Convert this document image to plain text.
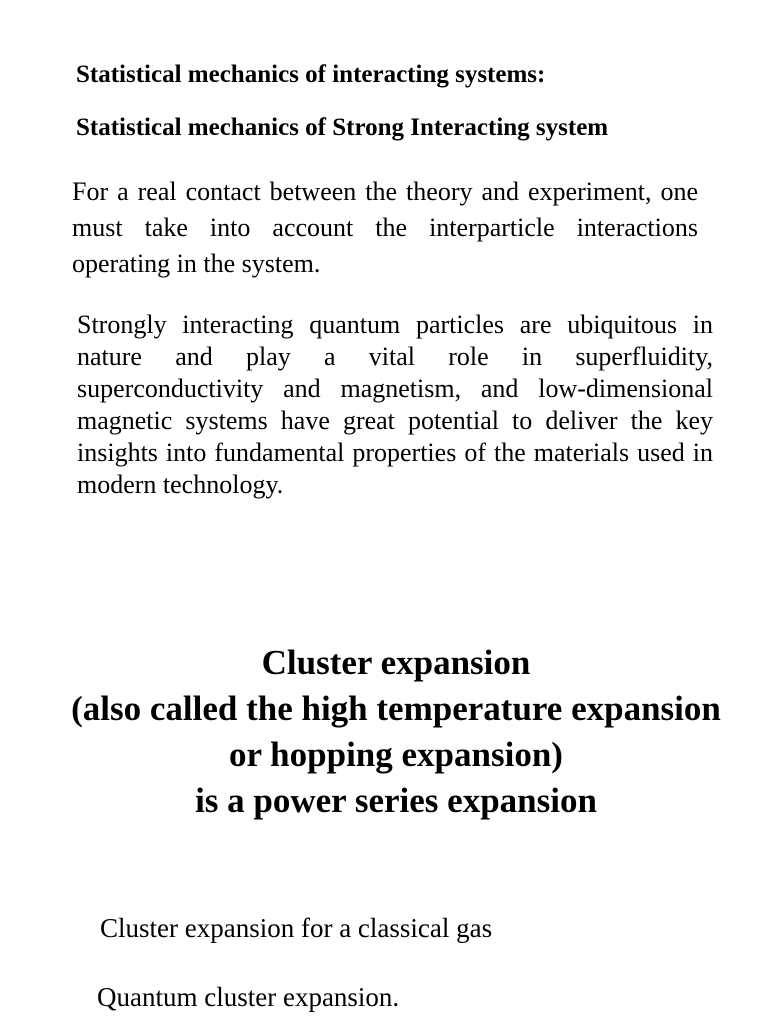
Statistical mechanics of interacting systems:
Statistical mechanics of Strong Interacting system
For a real contact between the theory and experiment, one must take into account the interparticle interactions operating in the system.
Strongly interacting quantum particles are ubiquitous in nature and play a vital role in superfluidity, superconductivity and magnetism, and low-dimensional magnetic systems have great potential to deliver the key insights into fundamental properties of the materials used in modern technology.
Cluster expansion
(also called the high temperature expansion
or hopping expansion)
is a power series expansion
Cluster expansion for a classical gas
Quantum cluster expansion.
